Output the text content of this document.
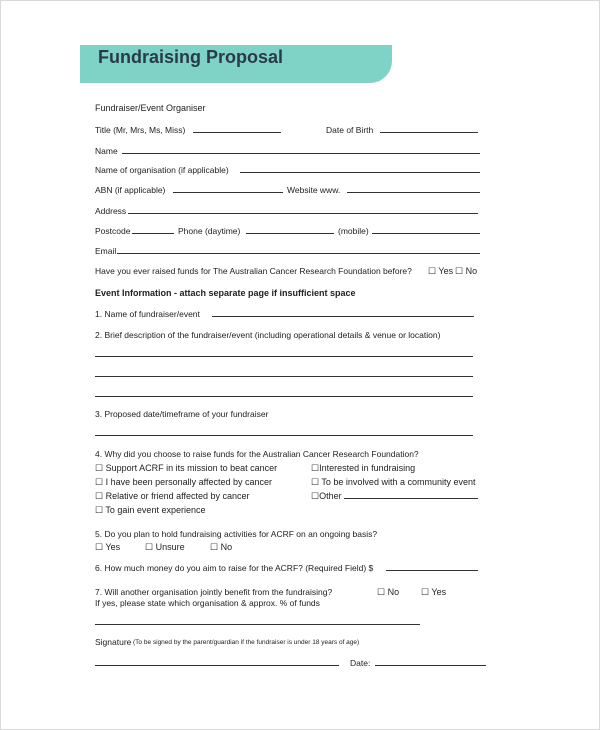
Fundraising Proposal
Fundraiser/Event Organiser
Title (Mr, Mrs, Ms, Miss)	Date of Birth
Name
Name of organisation (if applicable)
ABN (if applicable)	Website www.
Address
Postcode	Phone (daytime)	(mobile)
Email
Have you ever raised funds for The Australian Cancer Research Foundation before? ☐ Yes ☐ No
Event Information - attach separate page if insufficient space
1. Name of fundraiser/event
2. Brief description of the fundraiser/event (including operational details & venue or location)
3. Proposed date/timeframe of your fundraiser
4. Why did you choose to raise funds for the Australian Cancer Research Foundation?
☐ Support ACRF in its mission to beat cancer	☐Interested in fundraising
☐ I have been personally affected by cancer	☐ To be involved with a community event
☐ Relative or friend affected by cancer	☐Other
☐ To gain event experience
5. Do you plan to hold fundraising activities for ACRF on an ongoing basis?
☐ Yes	☐ Unsure	☐ No
6. How much money do you aim to raise for the ACRF? (Required Field) $
7. Will another organisation jointly benefit from the fundraising?	☐ No ☐ Yes
If yes, please state which organisation & approx. % of funds
Signature (To be signed by the parent/guardian if the fundraiser is under 18 years of age)
Date:
